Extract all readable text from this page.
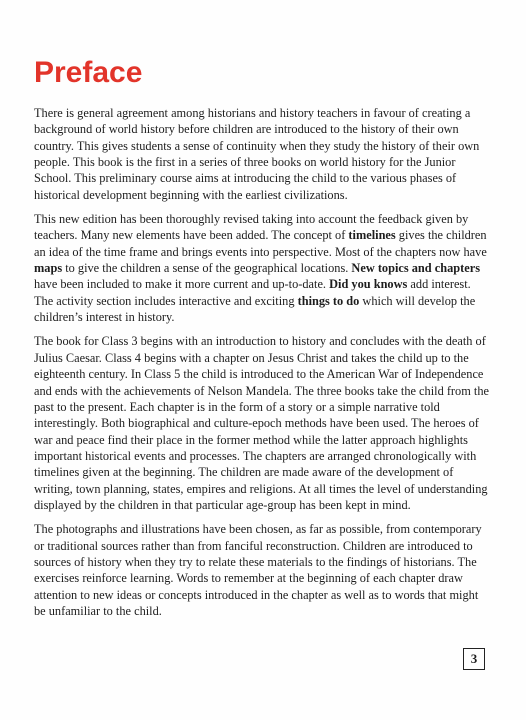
Preface

There is general agreement among historians and history teachers in favour of creating a background of world history before children are introduced to the history of their own country. This gives students a sense of continuity when they study the history of their own people. This book is the first in a series of three books on world history for the Junior School. This preliminary course aims at introducing the child to the various phases of historical development beginning with the earliest civilizations.

This new edition has been thoroughly revised taking into account the feedback given by teachers. Many new elements have been added. The concept of timelines gives the children an idea of the time frame and brings events into perspective. Most of the chapters now have maps to give the children a sense of the geographical locations. New topics and chapters have been included to make it more current and up-to-date. Did you knows add interest. The activity section includes interactive and exciting things to do which will develop the children’s interest in history.

The book for Class 3 begins with an introduction to history and concludes with the death of Julius Caesar. Class 4 begins with a chapter on Jesus Christ and takes the child up to the eighteenth century. In Class 5 the child is introduced to the American War of Independence and ends with the achievements of Nelson Mandela. The three books take the child from the past to the present. Each chapter is in the form of a story or a simple narrative told interestingly. Both biographical and culture-epoch methods have been used. The heroes of war and peace find their place in the former method while the latter approach highlights important historical events and processes. The chapters are arranged chronologically with timelines given at the beginning. The children are made aware of the development of writing, town planning, states, empires and religions. At all times the level of understanding displayed by the children in that particular age-group has been kept in mind.

The photographs and illustrations have been chosen, as far as possible, from contemporary or traditional sources rather than from fanciful reconstruction. Children are introduced to sources of history when they try to relate these materials to the findings of historians. The exercises reinforce learning. Words to remember at the beginning of each chapter draw attention to new ideas or concepts introduced in the chapter as well as to words that might be unfamiliar to the child.

3
